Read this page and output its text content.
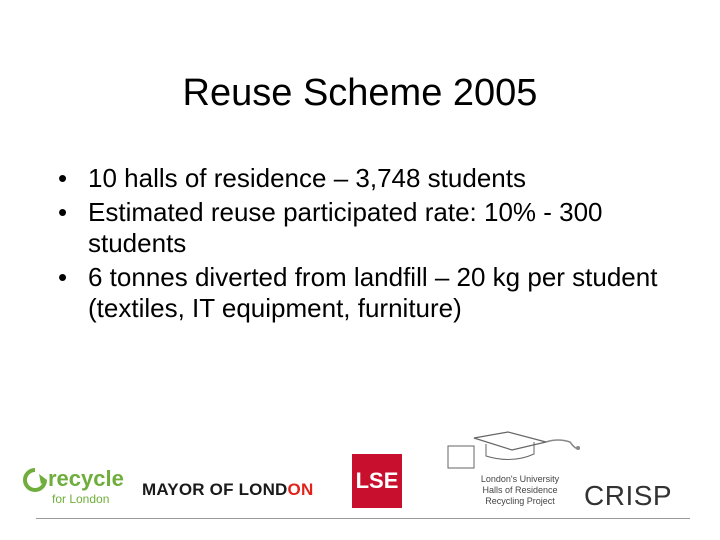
Reuse Scheme 2005
• 10 halls of residence – 3,748 students
• Estimated reuse participated rate: 10% - 300 students
• 6 tonnes diverted from landfill – 20 kg per student (textiles, IT equipment, furniture)
recycle
for London MAYOR OF LONDON LSE	London's University
Halls of Residence
Recycling Project	CRISP
